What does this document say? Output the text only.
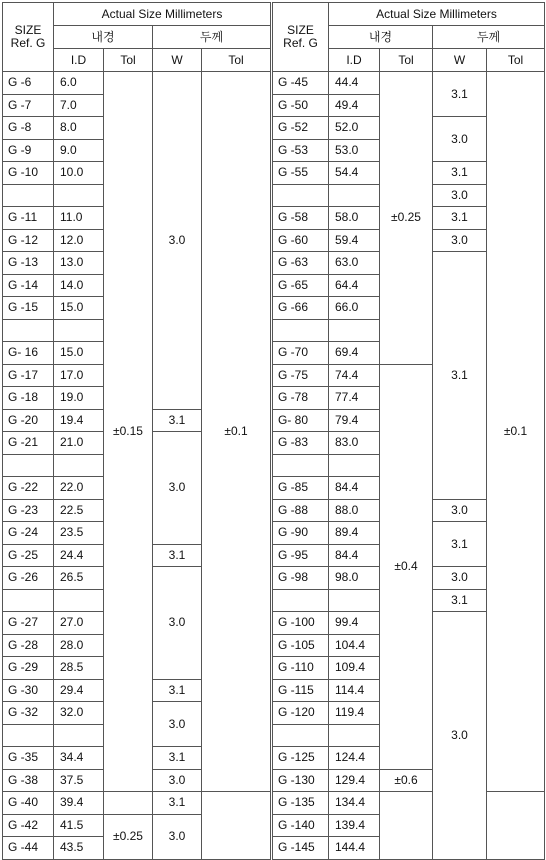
SIZE
Ref. G	Actual Size Millimeters			
	내경		두께	
	I.D	Tol	W	Tol
G -6	6.0	±0.15	3.0	±0.1
G -7	7.0			
G -8	8.0			
G -9	9.0			
G -10	10.0			

G -11	11.0			
G -12	12.0			
G -13	13.0			
G -14	14.0			
G -15	15.0			

G- 16	15.0			
G -17	17.0			
G -18	19.0			
G -20	19.4		3.1	
G -21	21.0		3.0	

G -22	22.0			
G -23	22.5			
G -24	23.5			
G -25	24.4		3.1	
G -26	26.5		3.0	

G -27	27.0			
G -28	28.0			
G -29	28.5			
G -30	29.4		3.1	
G -32	32.0		3.0	

G -35	34.4		3.1	
G -38	37.5		3.0	
G -40	39.4		3.1	
G -42	41.5	±0.25	3.0	
G -44	43.5			
SIZE
Ref. G	Actual Size Millimeters			
	내경		두께	
	I.D	Tol	W	Tol
G -45	44.4	±0.25	3.1	±0.1
G -50	49.4			
G -52	52.0		3.0	
G -53	53.0			
G -55	54.4		3.1	
			3.0	
G -58	58.0		3.1	
G -60	59.4		3.0	
G -63	63.0		3.1	
G -65	64.4			
G -66	66.0			

G -70	69.4			
G -75	74.4	±0.4		
G -78	77.4			
G- 80	79.4			
G -83	83.0			

G -85	84.4			
G -88	88.0		3.0	
G -90	89.4		3.1	
G -95	84.4			
G -98	98.0		3.0	
			3.1	
G -100	99.4		3.0	
G -105	104.4			
G -110	109.4			
G -115	114.4			
G -120	119.4			

G -125	124.4			
G -130	129.4	±0.6		
G -135	134.4			
G -140	139.4			
G -145	144.4			
